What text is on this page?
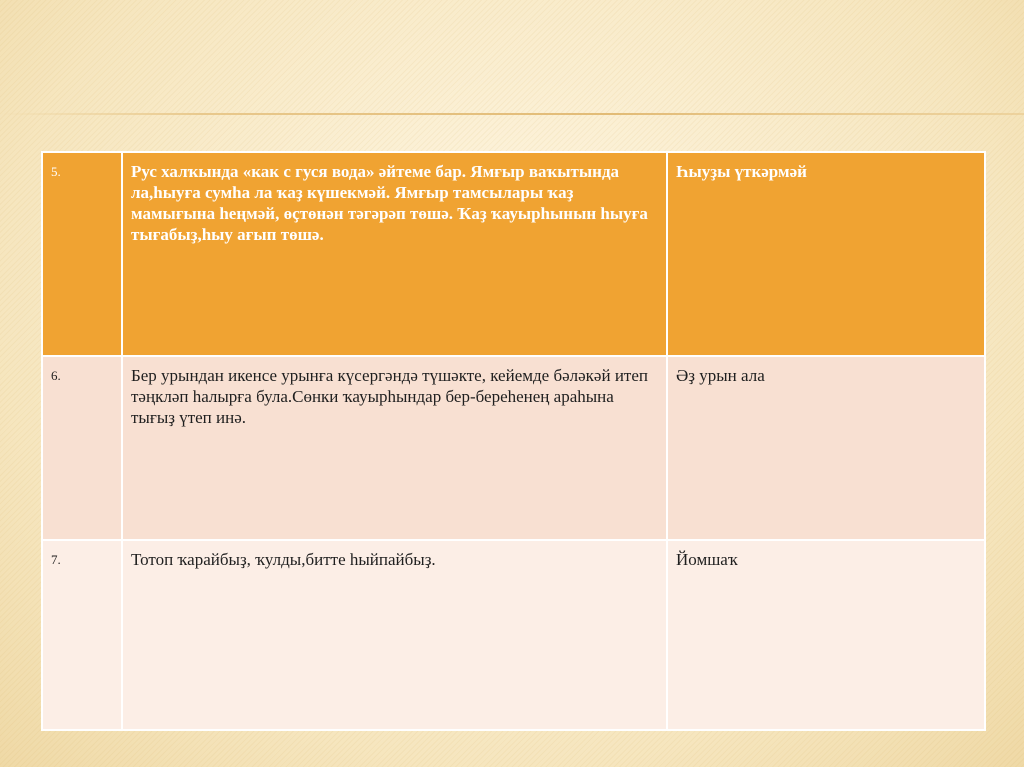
5.	Рус халҡында «как с гуся вода» әйтеме бар. Ямғыр ваҡытында ла,һыуға сумһа ла ҡаҙ күшекмәй. Ямғыр тамсылары ҡаҙ мамығына һеңмәй, өҫтөнән тәгәрәп төшә. Ҡаҙ ҡауырһынын һыуға тығабыҙ,һыу ағып төшә.	Һыуҙы үткәрмәй
6.	Бер урындан икенсе урынға күсергәндә түшәкте, кейемде бәләкәй итеп тәңкләп һалырға була.Сөнки ҡауырһындар бер-береһенең араһына тығыҙ үтеп инә.	Әҙ урын ала
7.	Тотоп ҡарайбыҙ, ҡулды,битте һыйпайбыҙ.	Йомшаҡ
